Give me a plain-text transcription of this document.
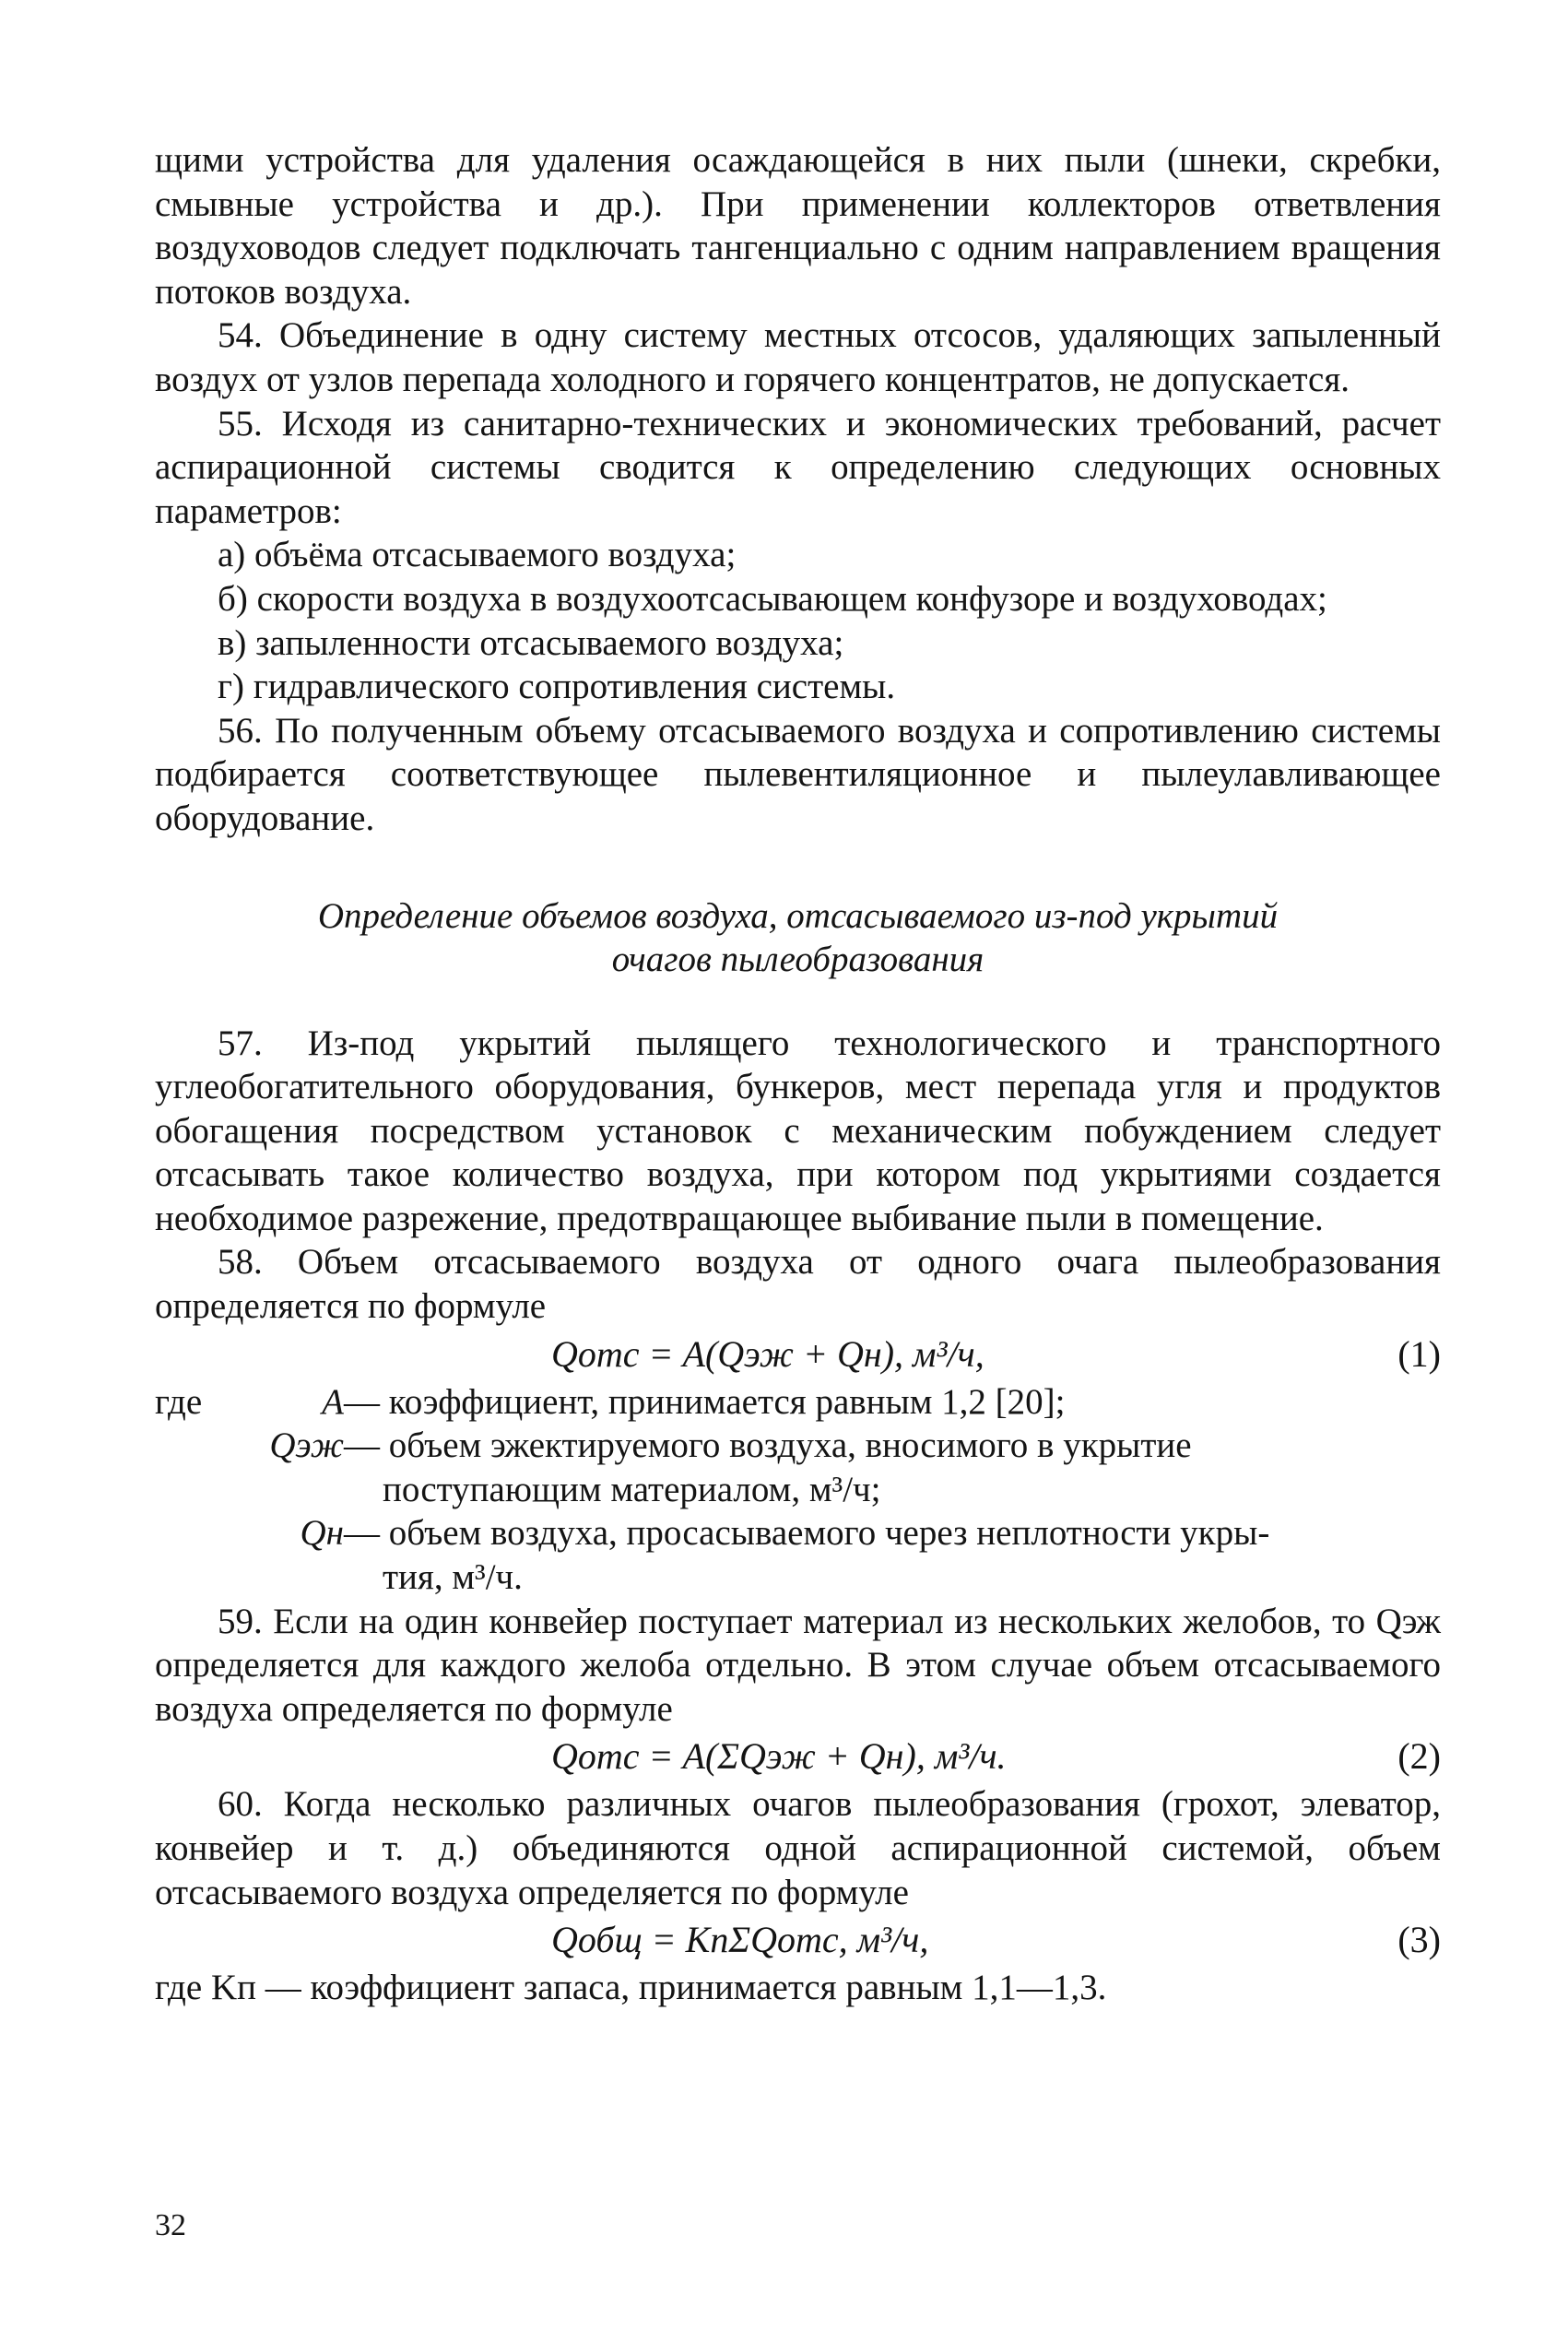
щими устройства для удаления осаждающейся в них пыли (шнеки, скребки, смывные устройства и др.). При применении коллекторов ответвления воздуховодов следует подключать тангенциально с одним направлением вращения потоков воздуха.

54. Объединение в одну систему местных отсосов, удаляющих запыленный воздух от узлов перепада холодного и горячего концентратов, не допускается.

55. Исходя из санитарно-технических и экономических требований, расчет аспирационной системы сводится к определению следующих основных параметров:

а) объёма отсасываемого воздуха;

б) скорости воздуха в воздухоотсасывающем конфузоре и воздуховодах;

в) запыленности отсасываемого воздуха;

г) гидравлического сопротивления системы.

56. По полученным объему отсасываемого воздуха и сопротивлению системы подбирается соответствующее пылевентиляционное и пылеулавливающее оборудование.

Определение объемов воздуха, отсасываемого из-под укрытий
очагов пылеобразования

57. Из-под укрытий пылящего технологического и транспортного углеобогатительного оборудования, бункеров, мест перепада угля и продуктов обогащения посредством установок с механическим побуждением следует отсасывать такое количество воздуха, при котором под укрытиями создается необходимое разрежение, предотвращающее выбивание пыли в помещение.

58. Объем отсасываемого воздуха от одного очага пылеобразования определяется по формуле

Qотс = A(Qэж + Qн), м³/ч,	(1)
где	A — коэффициент, принимается равным 1,2 [20];
Qэж — объем эжектируемого воздуха, вносимого в укрытие
поступающим материалом, м³/ч;
Qн — объем воздуха, просасываемого через неплотности укры-
тия, м³/ч.

59. Если на один конвейер поступает материал из нескольких желобов, то Qэж определяется для каждого желоба отдельно. В этом случае объем отсасываемого воздуха определяется по формуле

Qотс = A(ΣQэж + Qн), м³/ч.	(2)

60. Когда несколько различных очагов пылеобразования (грохот, элеватор, конвейер и т. д.) объединяются одной аспирационной системой, объем отсасываемого воздуха определяется по формуле

Qобщ = KпΣQотс, м³/ч,	(3)

где Kп — коэффициент запаса, принимается равным 1,1—1,3.

32
